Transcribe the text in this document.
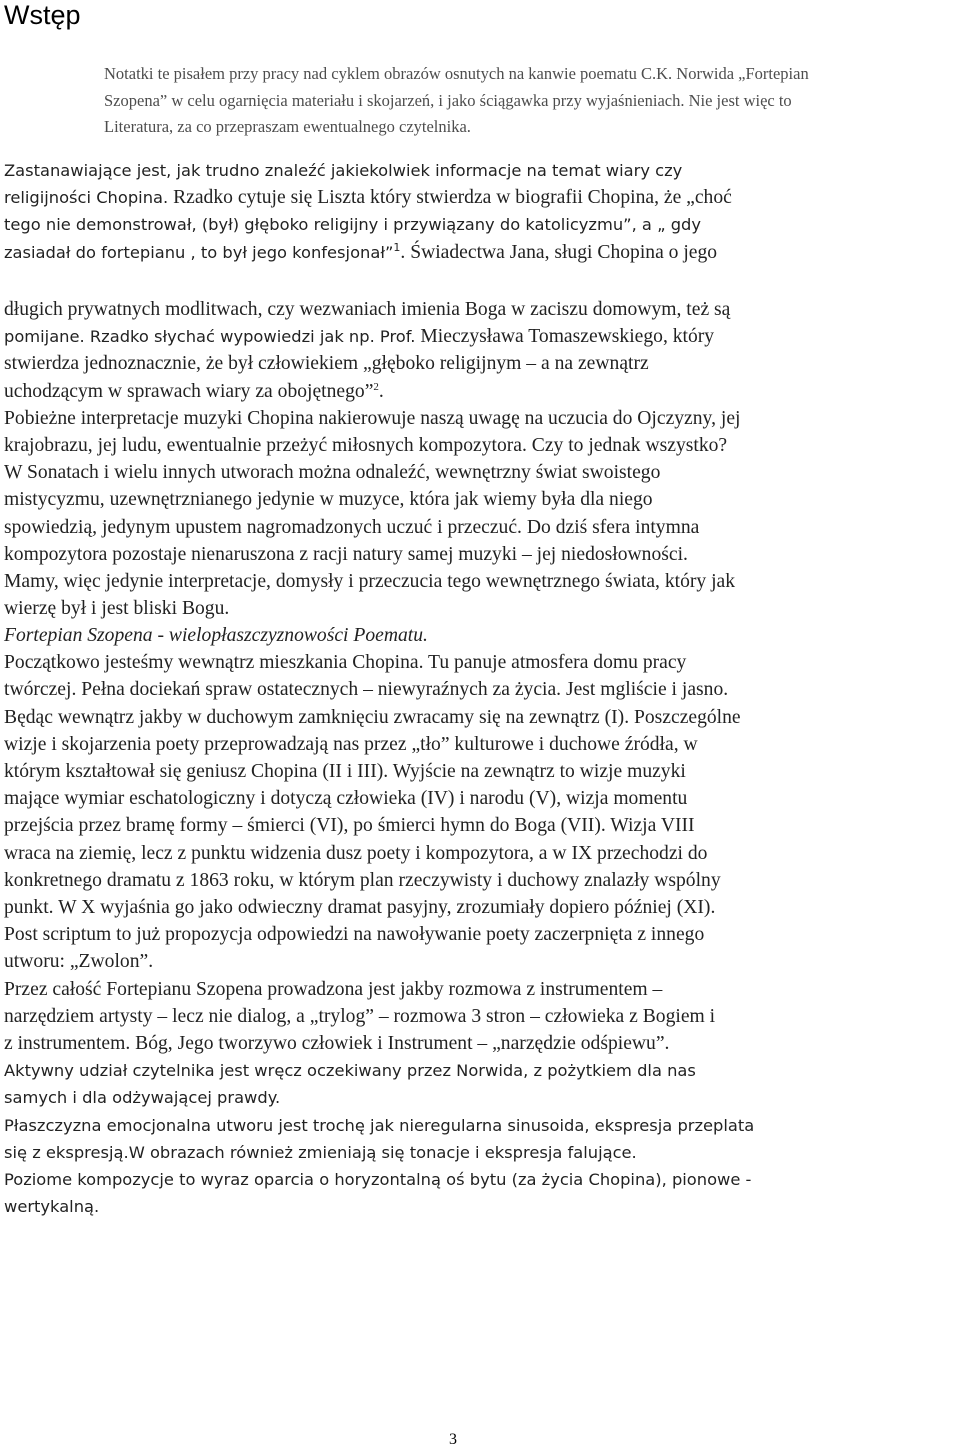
Wstęp

Notatki te pisałem przy pracy nad cyklem obrazów osnutych na kanwie poematu C.K. Norwida „Fortepian

Szopena” w celu ogarnięcia materiału i skojarzeń, i jako ściągawka przy wyjaśnieniach. Nie jest więc to

Literatura, za co przepraszam ewentualnego czytelnika.

Zastanawiające jest, jak trudno znaleźć jakiekolwiek informacje na temat wiary czy

religijności Chopina. Rzadko cytuje się Liszta który stwierdza w biografii Chopina, że „choć

tego nie demonstrował, (był) głęboko religijny i przywiązany do katolicyzmu”, a „ gdy

zasiadał do fortepianu , to był jego konfesjonał”$^1$. Świadectwa Jana, sługi Chopina o jego

długich prywatnych modlitwach, czy wezwaniach imienia Boga w zaciszu domowym, też są

pomijane. Rzadko słychać wypowiedzi jak np. Prof. Mieczysława Tomaszewskiego, który

stwierdza jednoznacznie, że był człowiekiem „głęboko religijnym – a na zewnątrz

uchodzącym w sprawach wiary za obojętnego”$^2$.

Pobieżne interpretacje muzyki Chopina nakierowuje naszą uwagę na uczucia do Ojczyzny, jej

krajobrazu, jej ludu, ewentualnie przeżyć miłosnych kompozytora. Czy to jednak wszystko?

W Sonatach i wielu innych utworach można odnaleźć, wewnętrzny świat swoistego

mistycyzmu, uzewnętrznianego jedynie w muzyce, która jak wiemy była dla niego

spowiedzią, jedynym upustem nagromadzonych uczuć i przeczuć. Do dziś sfera intymna

kompozytora pozostaje nienaruszona z racji natury samej muzyki – jej niedosłowności.

Mamy, więc jedynie interpretacje, domysły i przeczucia tego wewnętrznego świata, który jak

wierzę był i jest bliski Bogu.

Fortepian Szopena - wielopłaszczyznowości Poematu.

Początkowo jesteśmy wewnątrz mieszkania Chopina. Tu panuje atmosfera domu pracy

twórczej. Pełna dociekań spraw ostatecznych – niewyraźnych za życia. Jest mgliście i jasno.

Będąc wewnątrz jakby w duchowym zamknięciu zwracamy się na zewnątrz (I). Poszczególne

wizje i skojarzenia poety przeprowadzają nas przez „tło” kulturowe i duchowe źródła, w

którym kształtował się geniusz Chopina (II i III). Wyjście na zewnątrz to wizje muzyki

mające wymiar eschatologiczny i dotyczą człowieka (IV) i narodu (V), wizja momentu

przejścia przez bramę formy – śmierci (VI), po śmierci hymn do Boga (VII). Wizja VIII

wraca na ziemię, lecz z punktu widzenia dusz poety i kompozytora, a w IX przechodzi do

konkretnego dramatu z 1863 roku, w którym plan rzeczywisty i duchowy znalazły wspólny

punkt. W X wyjaśnia go jako odwieczny dramat pasyjny, zrozumiały dopiero później (XI).

Post scriptum to już propozycja odpowiedzi na nawoływanie poety zaczerpnięta z innego

utworu: „Zwolon”.

Przez całość Fortepianu Szopena prowadzona jest jakby rozmowa z instrumentem –

narzędziem artysty – lecz nie dialog, a „trylog” – rozmowa 3 stron – człowieka z Bogiem i

z instrumentem. Bóg, Jego tworzywo człowiek i Instrument – „narzędzie odśpiewu”.

Aktywny udział czytelnika jest wręcz oczekiwany przez Norwida, z pożytkiem dla nas

samych i dla odżywającej prawdy.

Płaszczyzna emocjonalna utworu jest trochę jak nieregularna sinusoida, ekspresja przeplata

się z ekspresją.W obrazach również zmieniają się tonacje i ekspresja falujące.

Poziome kompozycje to wyraz oparcia o horyzontalną oś bytu (za życia Chopina), pionowe -

wertykalną.

3
